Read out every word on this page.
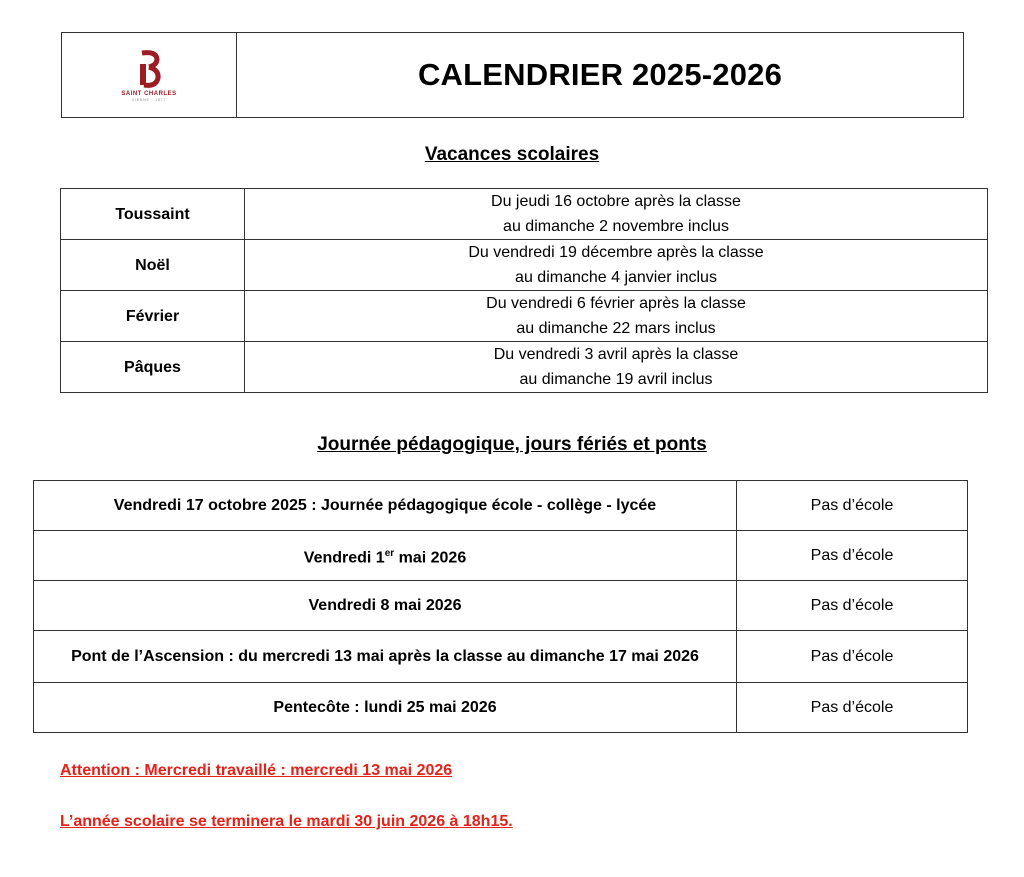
SAINT CHARLES
VIENNE · 1877
CALENDRIER 2025-2026
Vacances scolaires
Toussaint	Du jeudi 16 octobre après la classe
au dimanche 2 novembre inclus
Noël	Du vendredi 19 décembre après la classe
au dimanche 4 janvier inclus
Février	Du vendredi 6 février après la classe
au dimanche 22 mars inclus
Pâques	Du vendredi 3 avril après la classe
au dimanche 19 avril inclus
Journée pédagogique, jours fériés et ponts
Vendredi 17 octobre 2025 : Journée pédagogique école - collège - lycée	Pas d’école
Vendredi 1er mai 2026	Pas d’école
Vendredi 8 mai 2026	Pas d’école
Pont de l’Ascension : du mercredi 13 mai après la classe au dimanche 17 mai 2026	Pas d’école
Pentecôte : lundi 25 mai 2026	Pas d’école
Attention : Mercredi travaillé : mercredi 13 mai 2026
L’année scolaire se terminera le mardi 30 juin 2026 à 18h15.
